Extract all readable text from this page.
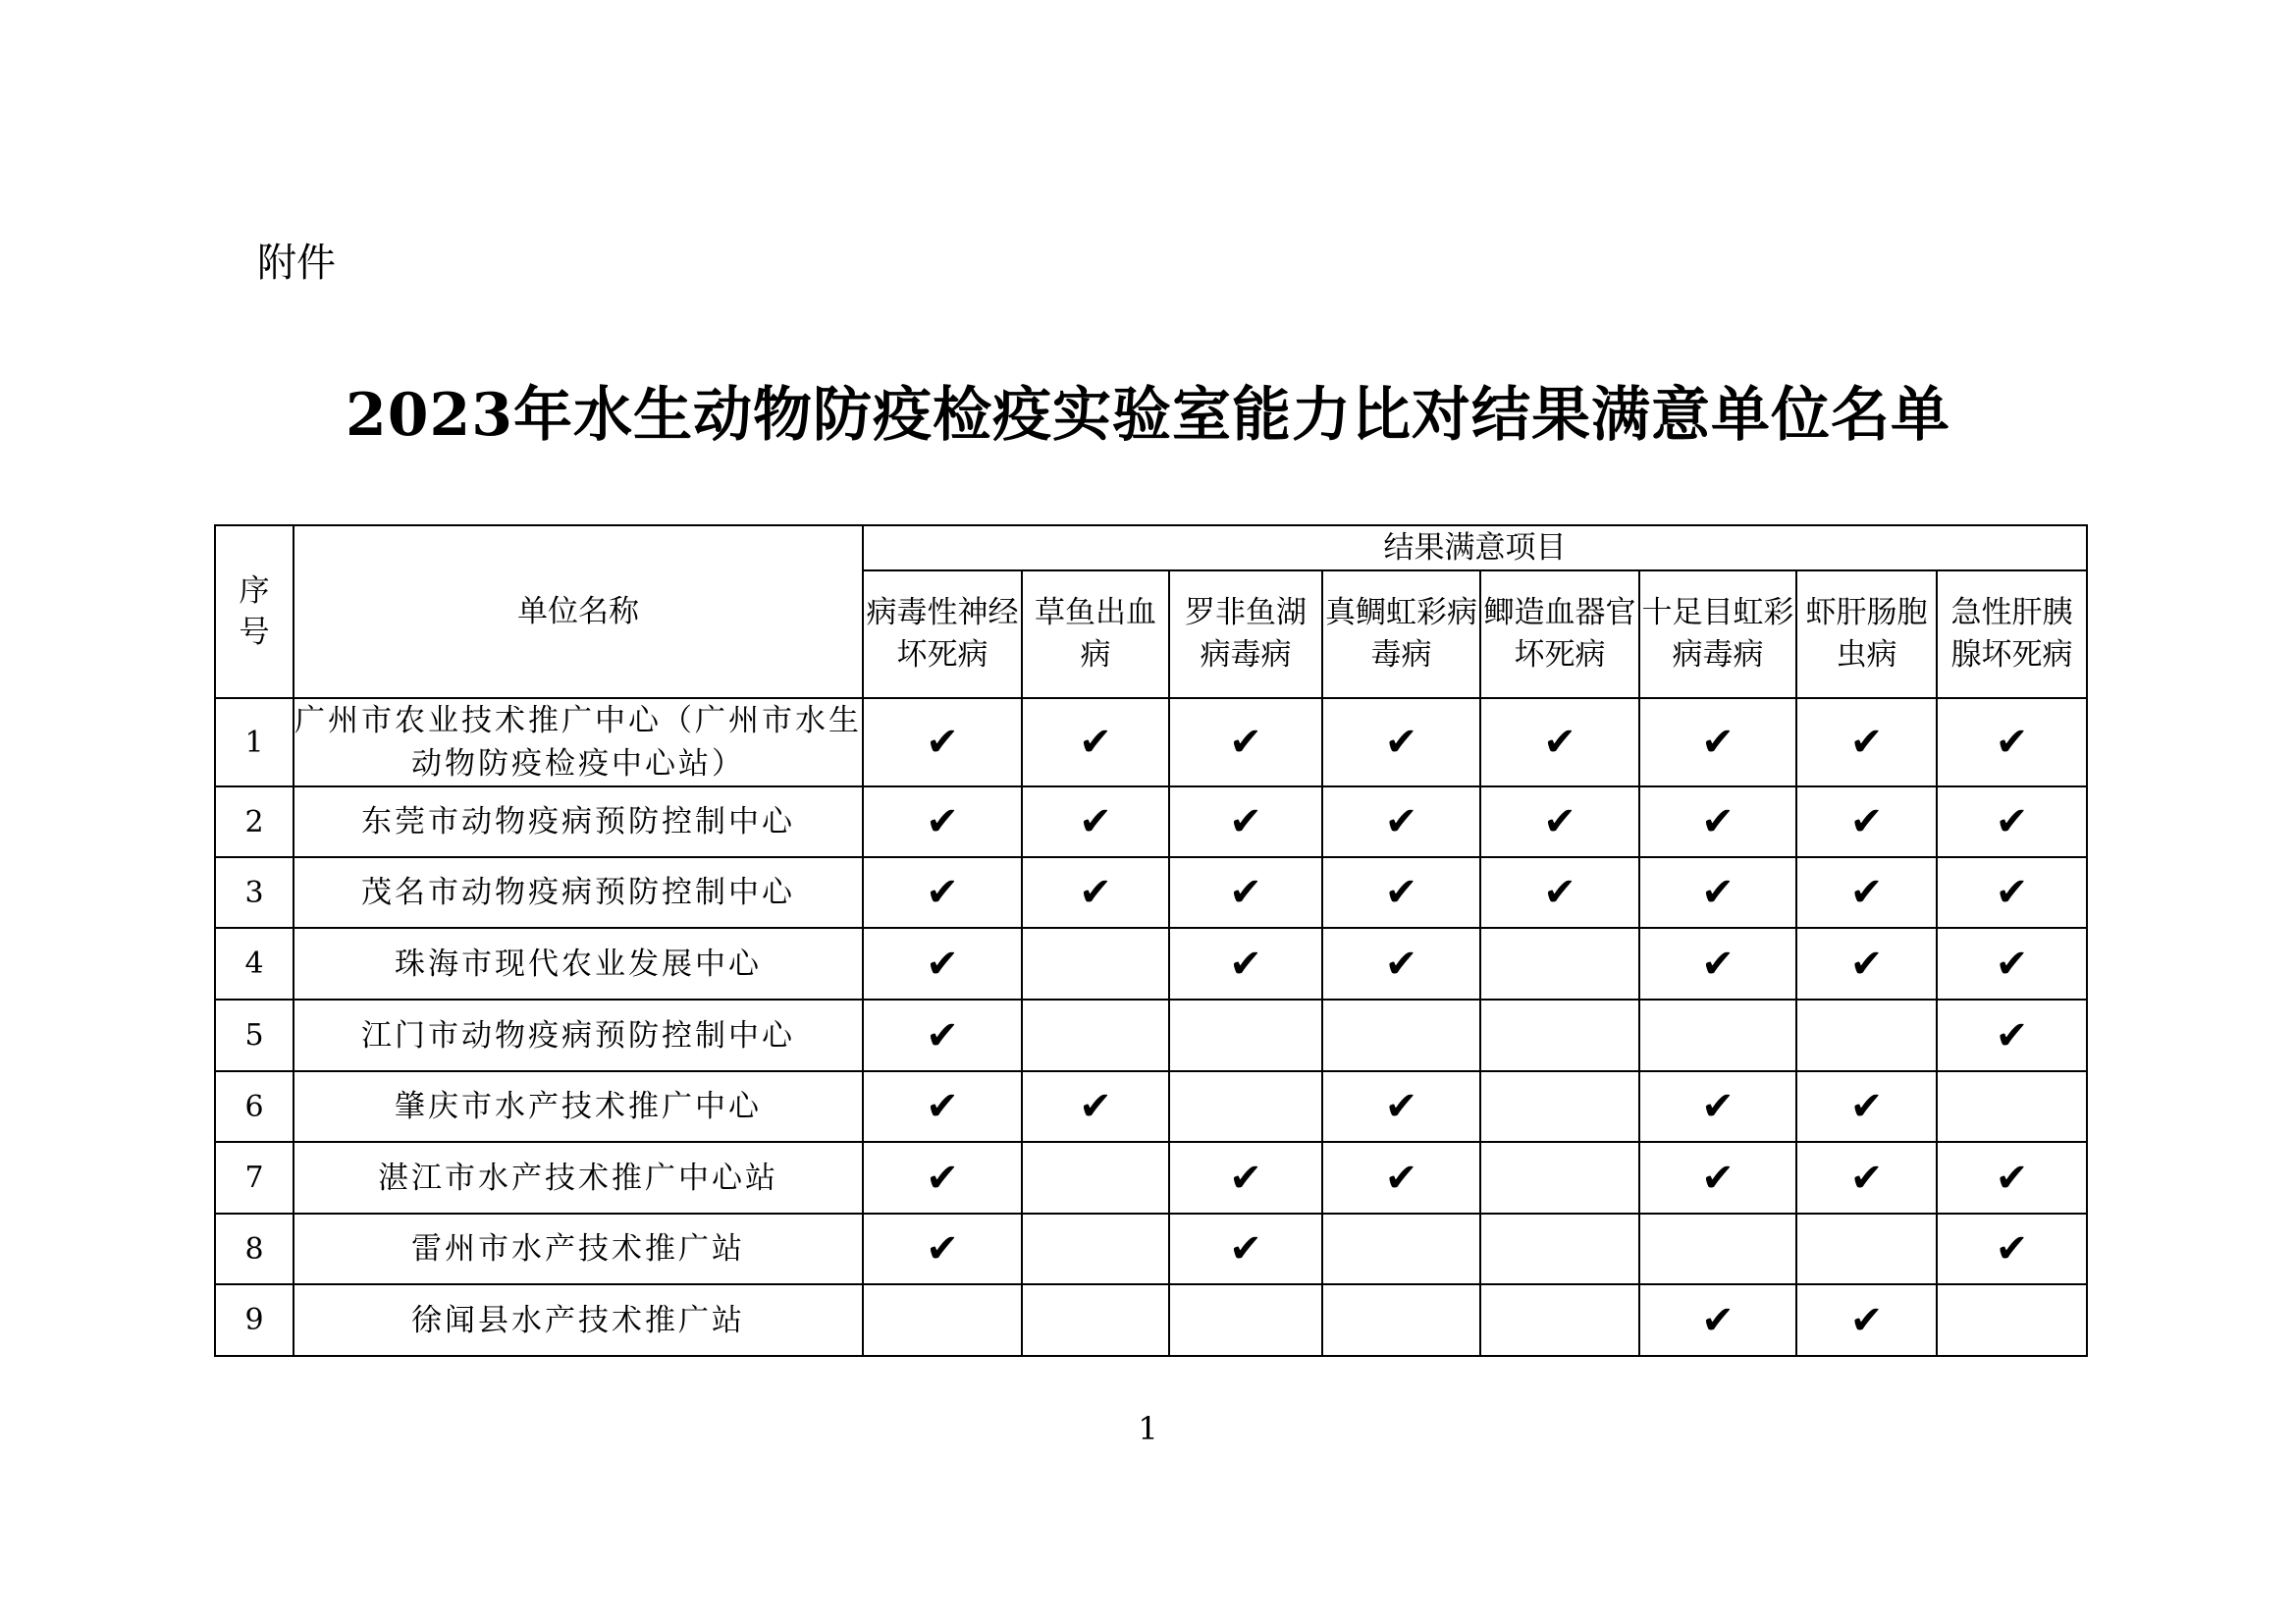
附件
2023年水生动物防疫检疫实验室能力比对结果满意单位名单
序号	单位名称	结果满意项目							
		病毒性神经坏死病	草鱼出血病	罗非鱼湖病毒病	真鲷虹彩病毒病	鲫造血器官坏死病	十足目虹彩病毒病	虾肝肠胞虫病	急性肝胰腺坏死病
1	广州市农业技术推广中心（广州市水生动物防疫检疫中心站）	✔	✔	✔	✔	✔	✔	✔	✔
2	东莞市动物疫病预防控制中心	✔	✔	✔	✔	✔	✔	✔	✔
3	茂名市动物疫病预防控制中心	✔	✔	✔	✔	✔	✔	✔	✔
4	珠海市现代农业发展中心	✔		✔	✔		✔	✔	✔
5	江门市动物疫病预防控制中心	✔							✔
6	肇庆市水产技术推广中心	✔	✔		✔		✔	✔	
7	湛江市水产技术推广中心站	✔		✔	✔		✔	✔	✔
8	雷州市水产技术推广站	✔		✔					✔
9	徐闻县水产技术推广站						✔	✔	
1
